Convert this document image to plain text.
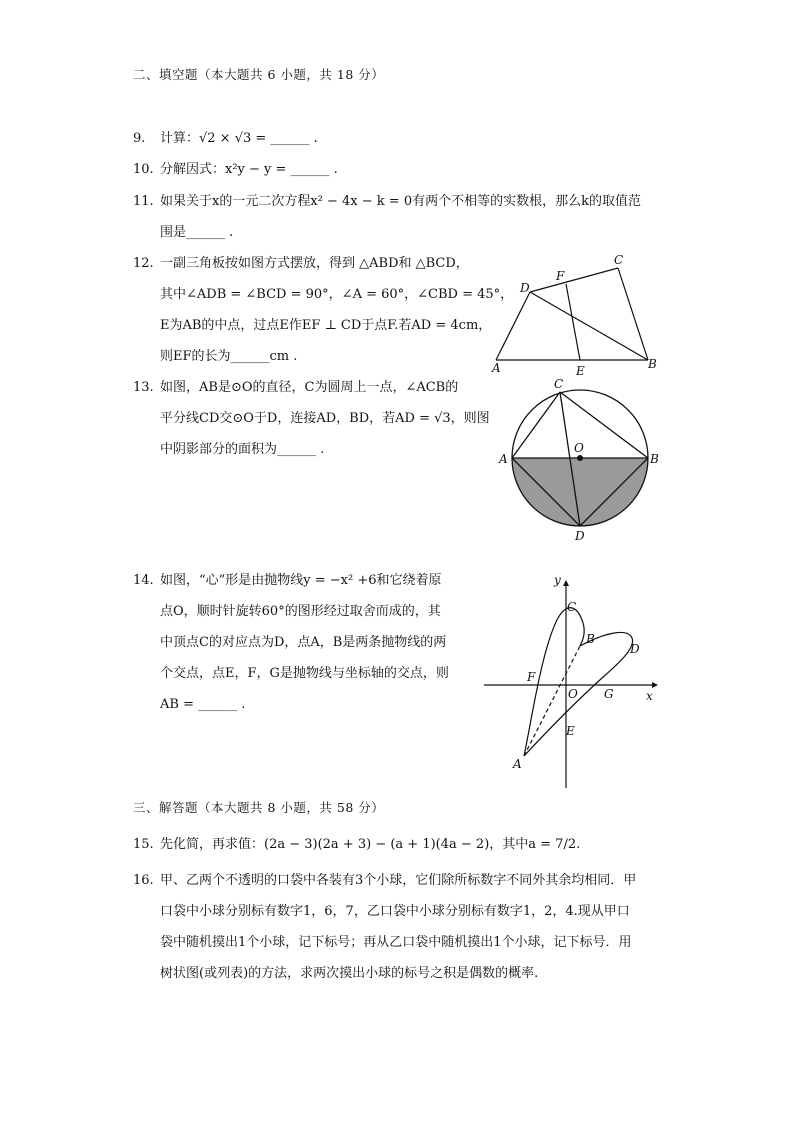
二、填空题（本大题共 6 小题，共 18 分）
9. 计算：√2 × √3 = ______ .
10. 分解因式：x²y − y = ______ .
11. 如果关于x的一元二次方程x² − 4x − k = 0有两个不相等的实数根，那么k的取值范
围是______ .
12. 一副三角板按如图方式摆放，得到 △ABD和 △BCD，
其中∠ADB = ∠BCD = 90°，∠A = 60°，∠CBD = 45°，
E为AB的中点，过点E作EF ⊥ CD于点F.若AD = 4cm，
则EF的长为______cm .
A	B
C
D
E
F
13. 如图，AB是⊙O的直径，C为圆周上一点，∠ACB的
平分线CD交⊙O于D，连接AD，BD，若AD = √3，则图
中阴影部分的面积为______ .
A	B
C
D
O
14. 如图，“心”形是由抛物线y = −x² +6和它绕着原
点O，顺时针旋转60°的图形经过取舍而成的，其
中顶点C的对应点为D，点A，B是两条抛物线的两
个交点，点E，F，G是抛物线与坐标轴的交点，则
AB = ______ .
A
B
C
D
E
F
G
O	x
y
三、解答题（本大题共 8 小题，共 58 分）
15. 先化简，再求值：(2a − 3)(2a + 3) − (a + 1)(4a − 2)，其中a = 7/2.
16. 甲、乙两个不透明的口袋中各装有3个小球，它们除所标数字不同外其余均相同．甲
口袋中小球分别标有数字1，6，7，乙口袋中小球分别标有数字1，2，4.现从甲口
袋中随机摸出1个小球，记下标号；再从乙口袋中随机摸出1个小球，记下标号．用
树状图(或列表)的方法，求两次摸出小球的标号之积是偶数的概率.
